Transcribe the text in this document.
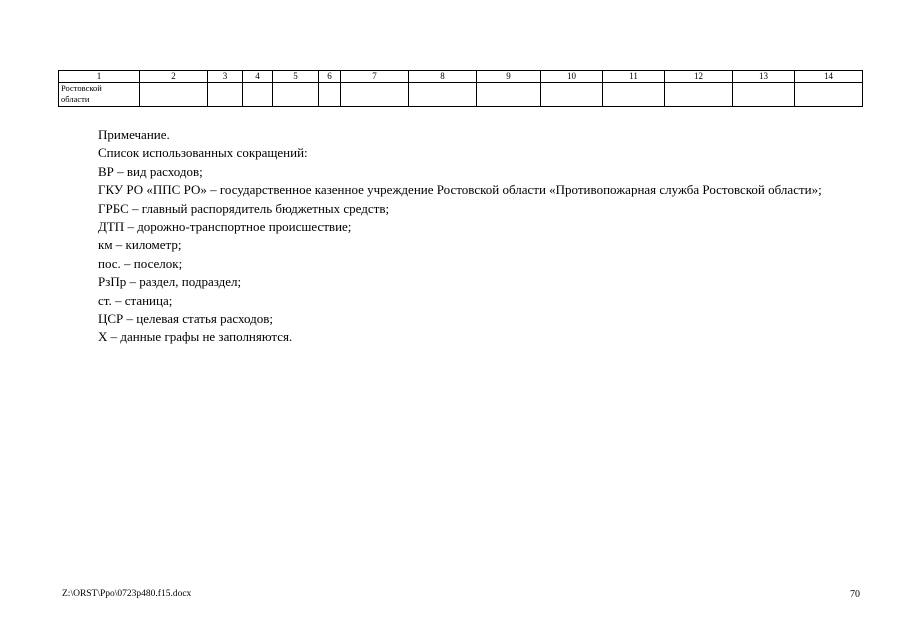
1	2	3	4	5	6	7	8	9	10	11	12	13	14
Ростовской
области													

Примечание.

Список использованных сокращений:

ВР – вид расходов;

ГКУ РО «ППС РО» – государственное казенное учреждение Ростовской области «Противопожарная служба Ростовской области»;

ГРБС – главный распорядитель бюджетных средств;

ДТП – дорожно-транспортное происшествие;

км – километр;

пос. – поселок;

РзПр – раздел, подраздел;

ст. – станица;

ЦСР – целевая статья расходов;

Х – данные графы не заполняются.

Z:\ORST\Ppo\0723p480.f15.docx	70
